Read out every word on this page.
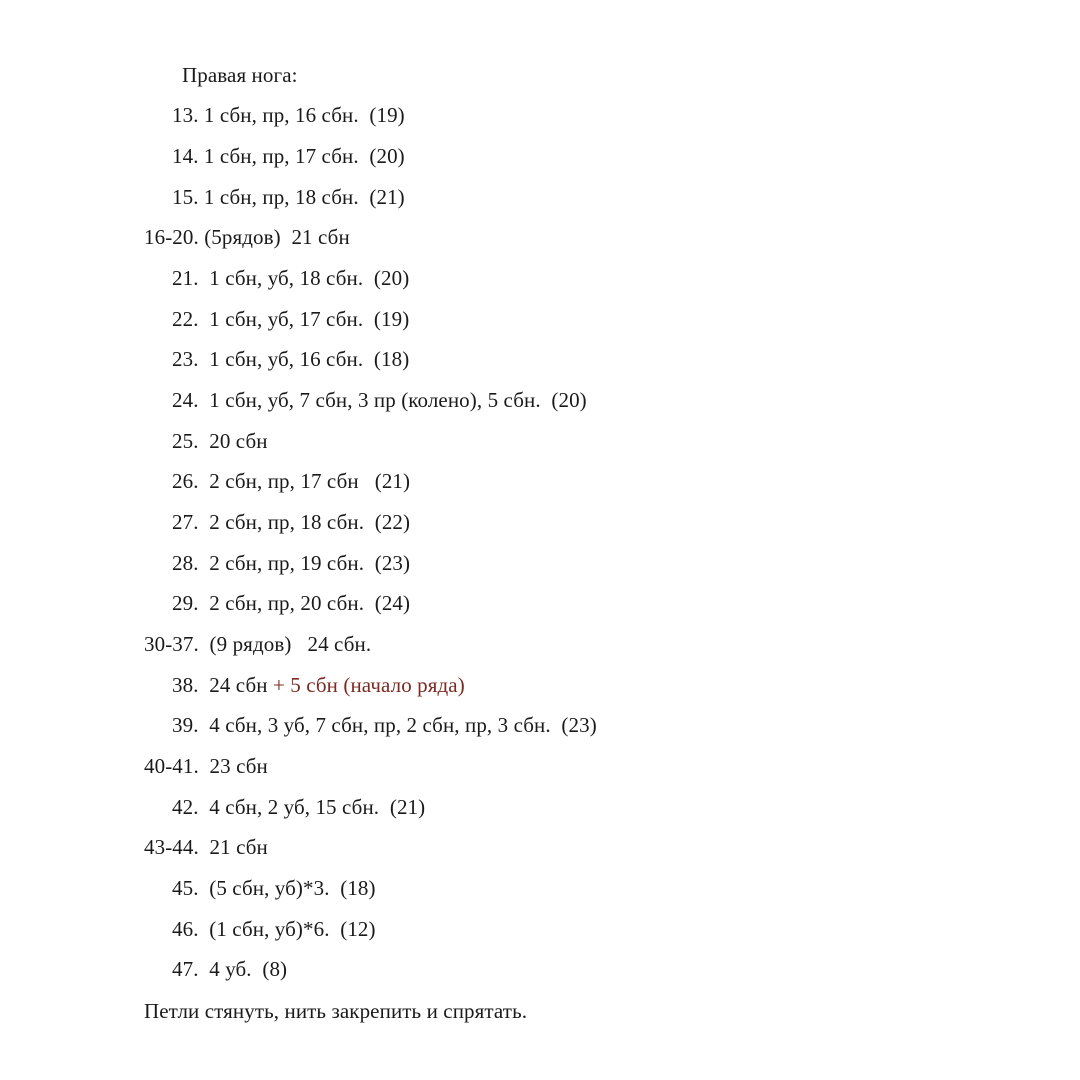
Правая нога:
13. 1 сбн, пр, 16 сбн.  (19)
14. 1 сбн, пр, 17 сбн.  (20)
15. 1 сбн, пр, 18 сбн.  (21)
16-20. (5рядов)  21 сбн
21.  1 сбн, уб, 18 сбн.  (20)
22.  1 сбн, уб, 17 сбн.  (19)
23.  1 сбн, уб, 16 сбн.  (18)
24.  1 сбн, уб, 7 сбн, 3 пр (колено), 5 сбн.  (20)
25.  20 сбн
26.  2 сбн, пр, 17 сбн   (21)
27.  2 сбн, пр, 18 сбн.  (22)
28.  2 сбн, пр, 19 сбн.  (23)
29.  2 сбн, пр, 20 сбн.  (24)
30-37.  (9 рядов)   24 сбн.
38.  24 сбн + 5 сбн (начало ряда)
39.  4 сбн, 3 уб, 7 сбн, пр, 2 сбн, пр, 3 сбн.  (23)
40-41.  23 сбн
42.  4 сбн, 2 уб, 15 сбн.  (21)
43-44.  21 сбн
45.  (5 сбн, уб)*3.  (18)
46.  (1 сбн, уб)*6.  (12)
47.  4 уб.  (8)
Петли стянуть, нить закрепить и спрятать.
